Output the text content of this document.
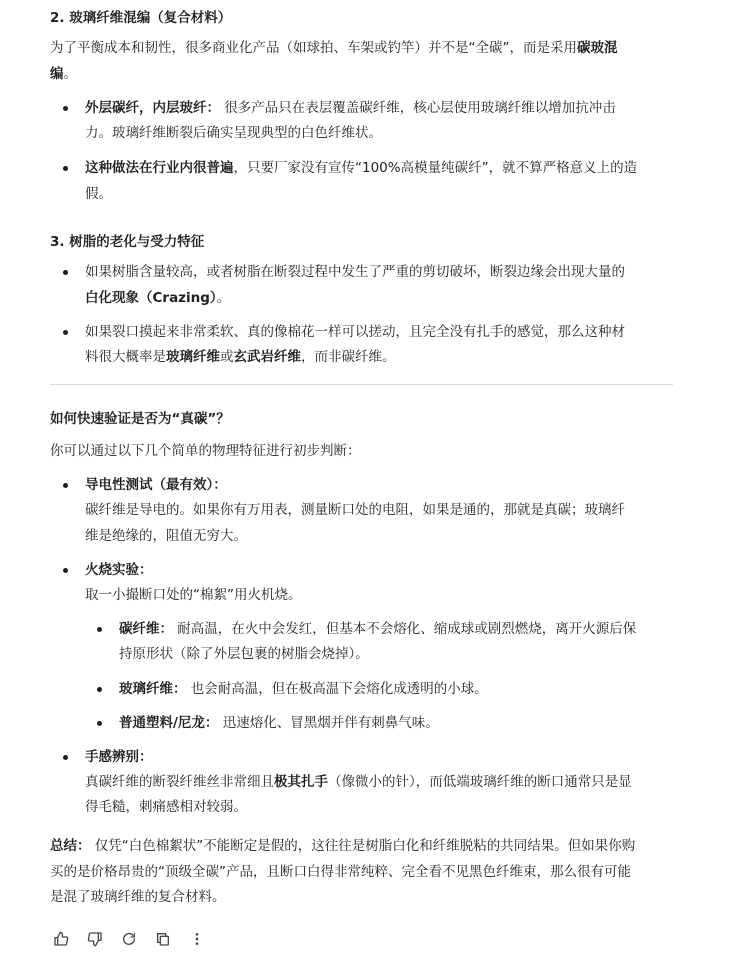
2. 玻璃纤维混编（复合材料）
为了平衡成本和韧性，很多商业化产品（如球拍、车架或钓竿）并不是“全碳”，而是采用碳玻混
编。
外层碳纤，内层玻纤： 很多产品只在表层覆盖碳纤维，核心层使用玻璃纤维以增加抗冲击
力。玻璃纤维断裂后确实呈现典型的白色纤维状。
这种做法在行业内很普遍，只要厂家没有宣传“100%高模量纯碳纤”，就不算严格意义上的造
假。
3. 树脂的老化与受力特征
如果树脂含量较高，或者树脂在断裂过程中发生了严重的剪切破坏，断裂边缘会出现大量的
白化现象（Crazing）。
如果裂口摸起来非常柔软、真的像棉花一样可以搓动，且完全没有扎手的感觉，那么这种材
料很大概率是玻璃纤维或玄武岩纤维，而非碳纤维。
如何快速验证是否为“真碳”？
你可以通过以下几个简单的物理特征进行初步判断：
导电性测试（最有效）：
碳纤维是导电的。如果你有万用表，测量断口处的电阻，如果是通的，那就是真碳；玻璃纤
维是绝缘的，阻值无穷大。
火烧实验：
取一小撮断口处的“棉絮”用火机烧。
碳纤维： 耐高温，在火中会发红，但基本不会熔化、缩成球或剧烈燃烧，离开火源后保
持原形状（除了外层包裹的树脂会烧掉）。
玻璃纤维： 也会耐高温，但在极高温下会熔化成透明的小球。
普通塑料/尼龙： 迅速熔化、冒黑烟并伴有刺鼻气味。
手感辨别：
真碳纤维的断裂纤维丝非常细且极其扎手（像微小的针），而低端玻璃纤维的断口通常只是显
得毛糙，刺痛感相对较弱。
总结： 仅凭“白色棉絮状”不能断定是假的，这往往是树脂白化和纤维脱粘的共同结果。但如果你购
买的是价格昂贵的“顶级全碳”产品，且断口白得非常纯粹、完全看不见黑色纤维束，那么很有可能
是混了玻璃纤维的复合材料。
